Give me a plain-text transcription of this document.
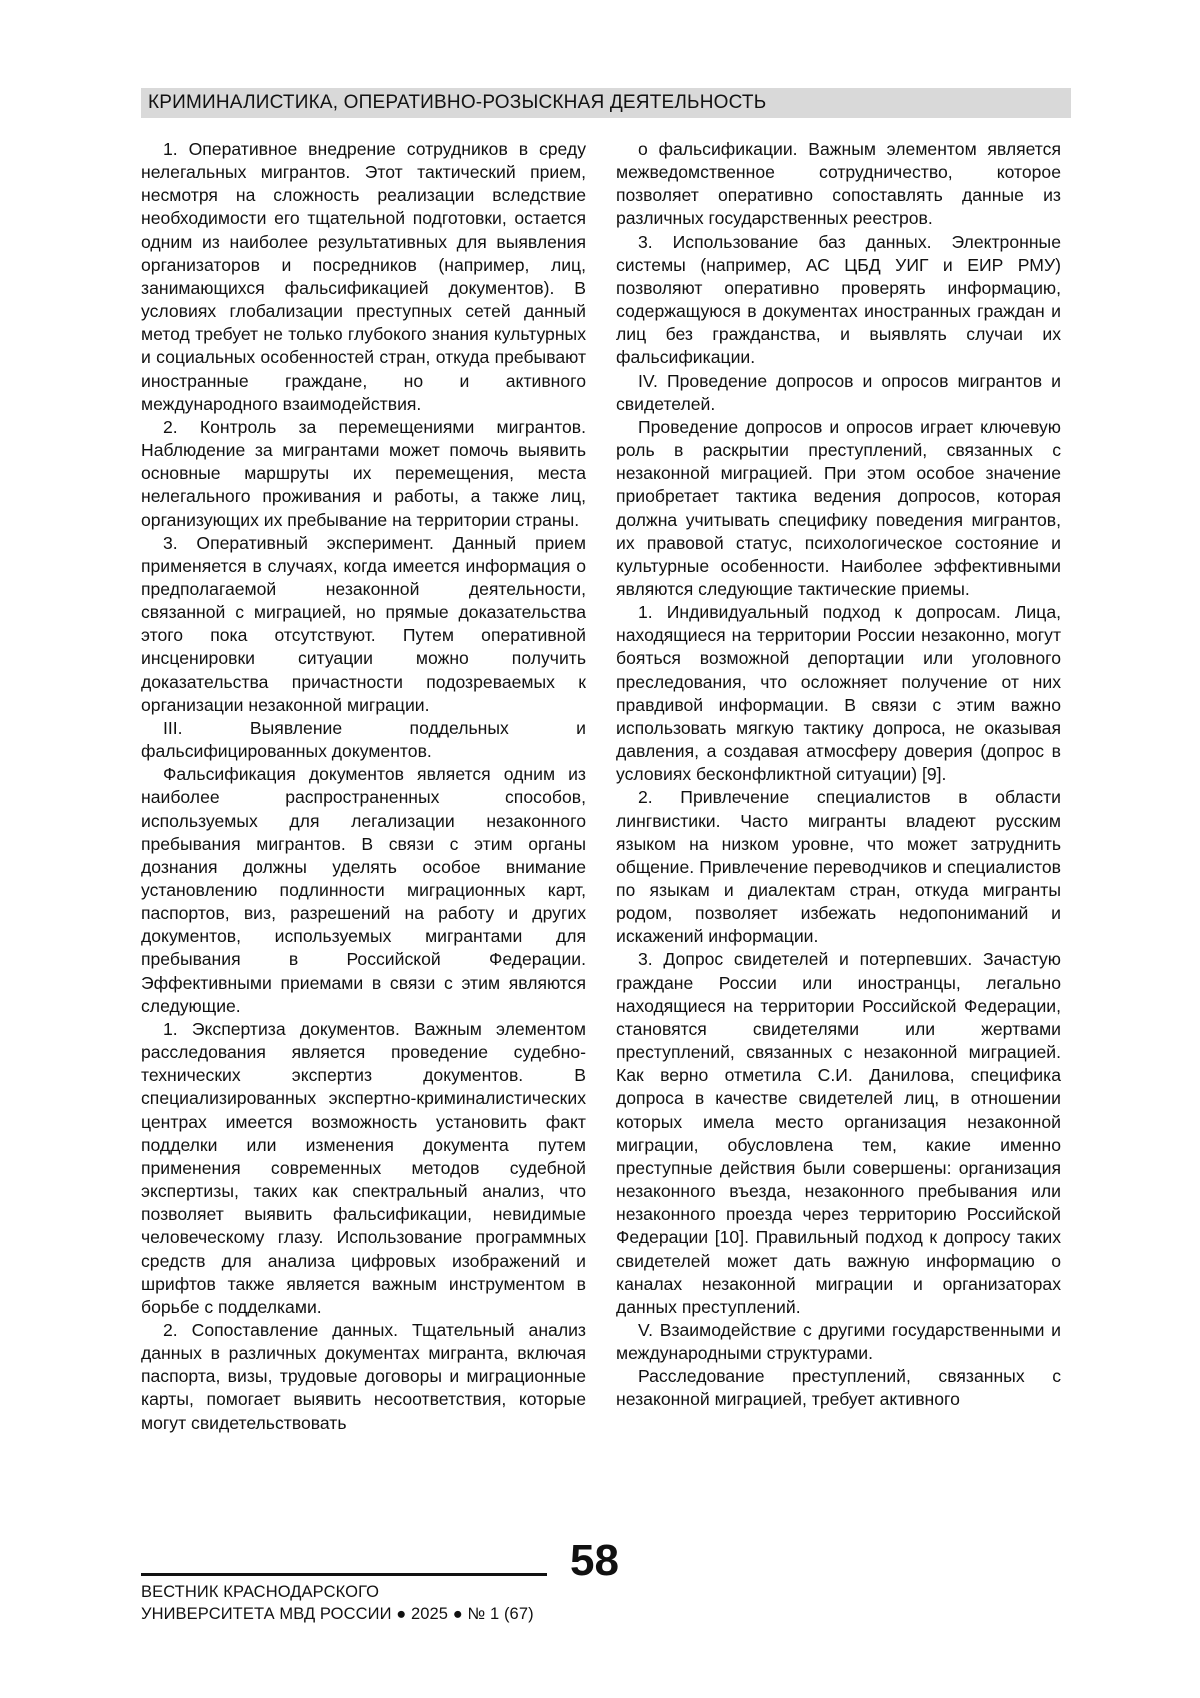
КРИМИНАЛИСТИКА, ОПЕРАТИВНО-РОЗЫСКНАЯ ДЕЯТЕЛЬНОСТЬ

1. Оперативное внедрение сотрудников в среду нелегальных мигрантов. Этот тактический прием, несмотря на сложность реализации вследствие необходимости его тщательной подготовки, остается одним из наиболее результативных для выявления организаторов и посредников (например, лиц, занимающихся фальсификацией документов). В условиях глобализации преступных сетей данный метод требует не только глубокого знания культурных и социальных особенностей стран, откуда пребывают иностранные граждане, но и активного международного взаимодействия.

2. Контроль за перемещениями мигрантов. Наблюдение за мигрантами может помочь выявить основные маршруты их перемещения, места нелегального проживания и работы, а также лиц, организующих их пребывание на территории страны.

3. Оперативный эксперимент. Данный прием применяется в случаях, когда имеется информация о предполагаемой незаконной деятельности, связанной с миграцией, но прямые доказательства этого пока отсутствуют. Путем оперативной инсценировки ситуации можно получить доказательства причастности подозреваемых к организации незаконной миграции.

III. Выявление поддельных и фальсифицированных документов.

Фальсификация документов является одним из наиболее распространенных способов, используемых для легализации незаконного пребывания мигрантов. В связи с этим органы дознания должны уделять особое внимание установлению подлинности миграционных карт, паспортов, виз, разрешений на работу и других документов, используемых мигрантами для пребывания в Российской Федерации. Эффективными приемами в связи с этим являются следующие.

1. Экспертиза документов. Важным элементом расследования является проведение судебно-технических экспертиз документов. В специализированных экспертно-криминалистических центрах имеется возможность установить факт подделки или изменения документа путем применения современных методов судебной экспертизы, таких как спектральный анализ, что позволяет выявить фальсификации, невидимые человеческому глазу. Использование программных средств для анализа цифровых изображений и шрифтов также является важным инструментом в борьбе с подделками.

2. Сопоставление данных. Тщательный анализ данных в различных документах мигранта, включая паспорта, визы, трудовые договоры и миграционные карты, помогает выявить несоответствия, которые могут свидетельствовать

о фальсификации. Важным элементом является межведомственное сотрудничество, которое позволяет оперативно сопоставлять данные из различных государственных реестров.

3. Использование баз данных. Электронные системы (например, АС ЦБД УИГ и ЕИР РМУ) позволяют оперативно проверять информацию, содержащуюся в документах иностранных граждан и лиц без гражданства, и выявлять случаи их фальсификации.

IV. Проведение допросов и опросов мигрантов и свидетелей.

Проведение допросов и опросов играет ключевую роль в раскрытии преступлений, связанных с незаконной миграцией. При этом особое значение приобретает тактика ведения допросов, которая должна учитывать специфику поведения мигрантов, их правовой статус, психологическое состояние и культурные особенности. Наиболее эффективными являются следующие тактические приемы.

1. Индивидуальный подход к допросам. Лица, находящиеся на территории России незаконно, могут бояться возможной депортации или уголовного преследования, что осложняет получение от них правдивой информации. В связи с этим важно использовать мягкую тактику допроса, не оказывая давления, а создавая атмосферу доверия (допрос в условиях бесконфликтной ситуации) [9].

2. Привлечение специалистов в области лингвистики. Часто мигранты владеют русским языком на низком уровне, что может затруднить общение. Привлечение переводчиков и специалистов по языкам и диалектам стран, откуда мигранты родом, позволяет избежать недопониманий и искажений информации.

3. Допрос свидетелей и потерпевших. Зачастую граждане России или иностранцы, легально находящиеся на территории Российской Федерации, становятся свидетелями или жертвами преступлений, связанных с незаконной миграцией. Как верно отметила С.И. Данилова, специфика допроса в качестве свидетелей лиц, в отношении которых имела место организация незаконной миграции, обусловлена тем, какие именно преступные действия были совершены: организация незаконного въезда, незаконного пребывания или незаконного проезда через территорию Российской Федерации [10]. Правильный подход к допросу таких свидетелей может дать важную информацию о каналах незаконной миграции и организаторах данных преступлений.

V. Взаимодействие с другими государственными и международными структурами.

Расследование преступлений, связанных с незаконной миграцией, требует активного

58
ВЕСТНИК КРАСНОДАРСКОГО
УНИВЕРСИТЕТА МВД РОССИИ ● 2025 ● № 1 (67)
